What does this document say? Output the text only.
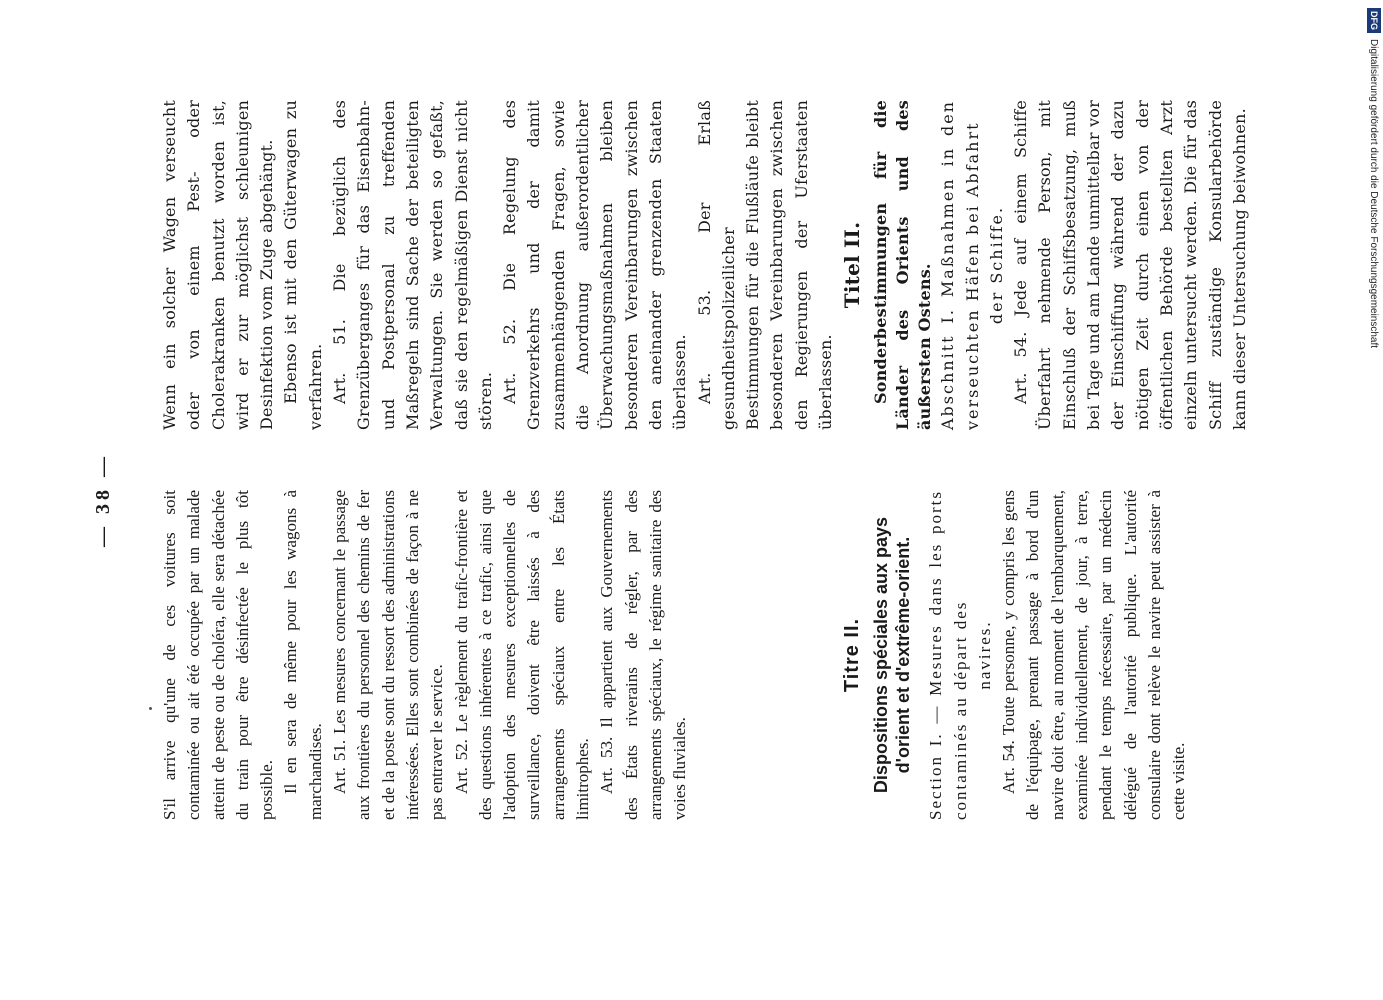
— 38 —	S'il arrive qu'une de ces voitures soit contaminée ou ait été occupée par un malade atteint de peste ou de choléra, elle sera détachée du train pour être désinfectée le plus tôt possible. Il en sera de même pour les wagons à marchandises. Art. 51. Les mesures concernant le passage aux frontières du personnel des chemins de fer et de la poste sont du ressort des administrations intéressées. Elles sont combinées de façon à ne pas entraver le service. Art. 52. Le règlement du trafic-frontière et des questions inhérentes à ce trafic, ainsi que l'adoption des mesures exceptionnelles de surveillance, doivent être laissés à des arrangements spéciaux entre les États limitrophes. Art. 53. Il appartient aux Gouvernements des États riverains de régler, par des arrangements spéciaux, le régime sanitaire des voies fluviales.

Wenn ein solcher Wagen verseucht oder von einem Pest- oder Cholerakranken benutzt worden ist, wird er zur möglichst schleunigen Desinfektion vom Zuge abgehängt. Ebenso ist mit den Güterwagen zu verfahren. Art. 51. Die bezüglich des Grenzüberganges für das Eisenbahn- und Postpersonal zu treffenden Maßregeln sind Sache der beteiligten Verwaltungen. Sie werden so gefaßt, daß sie den regelmäßigen Dienst nicht stören. Art. 52. Die Regelung des Grenzverkehrs und der damit zusammenhängenden Fragen, sowie die Anordnung außerordentlicher Überwachungsmaßnahmen bleiben besonderen Vereinbarungen zwischen den aneinander grenzenden Staaten überlassen. Art. 53. Der Erlaß gesundheitspolizeilicher Bestimmungen für die Flußläufe bleibt besonderen Vereinbarungen zwischen den Regierungen der Uferstaaten überlassen.

Titre II. Dispositions spéciales aux pays d'orient et d'extrême-orient. Section I. — Mesures dans les ports contaminés au départ des navires. Art. 54. Toute personne, y compris les gens de l'équipage, prenant passage à bord d'un navire doit être, au moment de l'embarquement, examinée individuellement, de jour, à terre, pendant le temps nécessaire, par un médecin délégué de l'autorité publique. L'autorité consulaire dont relève le navire peut assister à cette visite.

Titel II. Sonderbestimmungen für die Länder des Orients und des äußersten Ostens. Abschnitt I. Maßnahmen in den verseuchten Häfen bei Abfahrt der Schiffe. Art. 54. Jede auf einem Schiffe Überfahrt nehmende Person, mit Einschluß der Schiffsbesatzung, muß bei Tage und am Lande unmittelbar vor der Einschiffung während der dazu nötigen Zeit durch einen von der öffentlichen Behörde bestellten Arzt einzeln untersucht werden. Die für das Schiff zuständige Konsularbehörde kann dieser Untersuchung beiwohnen.

DFGDigitalisierung gefördert durch die Deutsche Forschungsgemeinschaft
